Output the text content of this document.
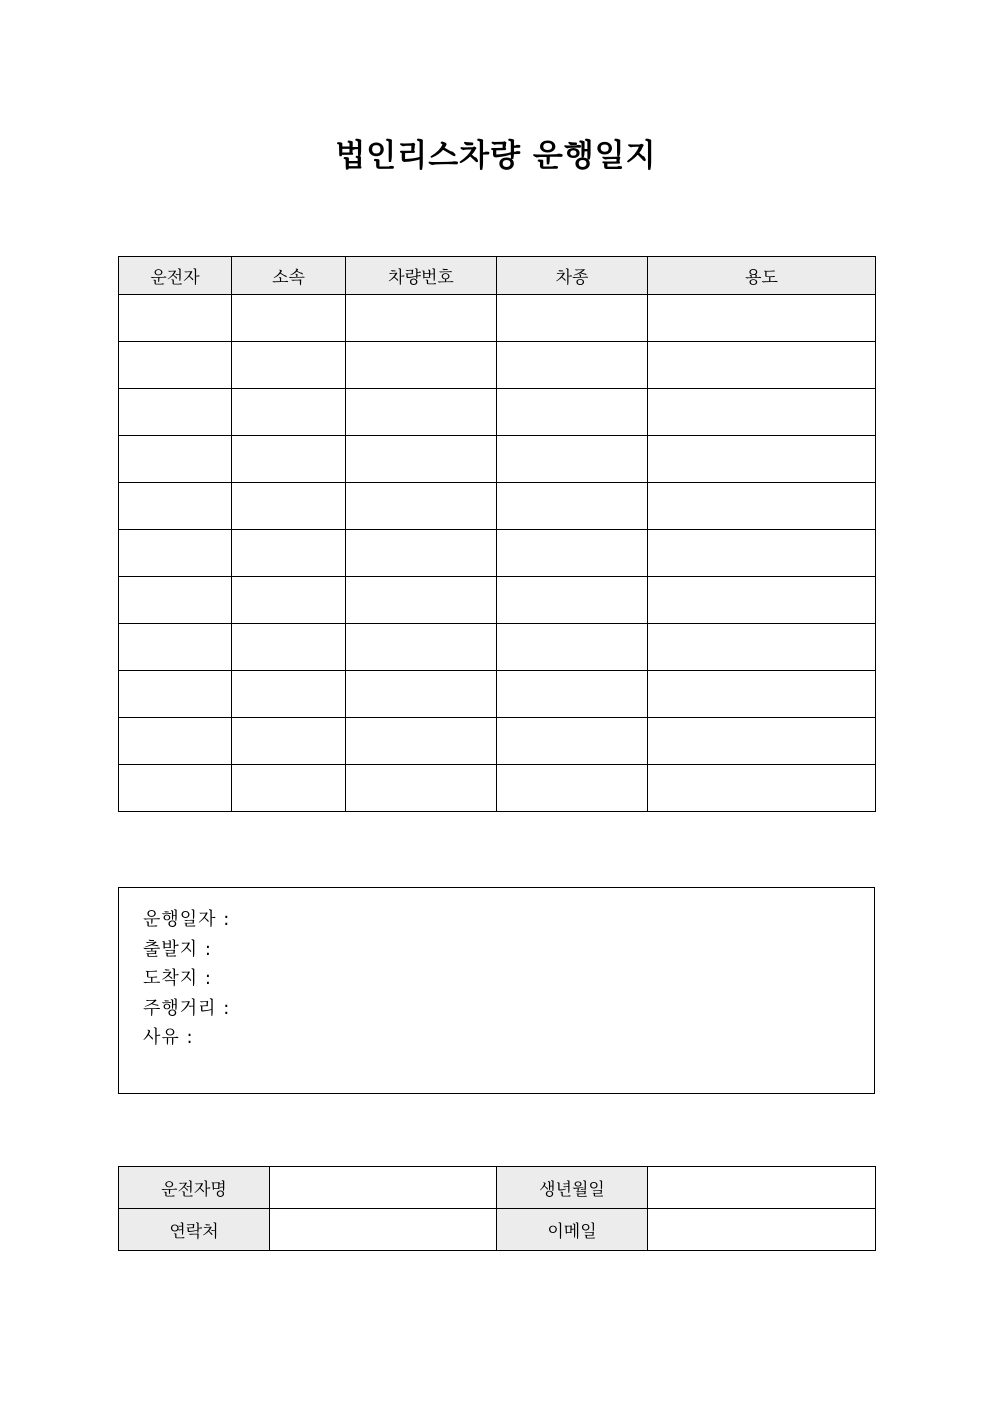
법인리스차량 운행일지
운전자	소속	차량번호	차종	용도

운행일자 :
출발지 :
도착지 :
주행거리 :
사유 :
운전자명		생년월일	
연락처		이메일	
